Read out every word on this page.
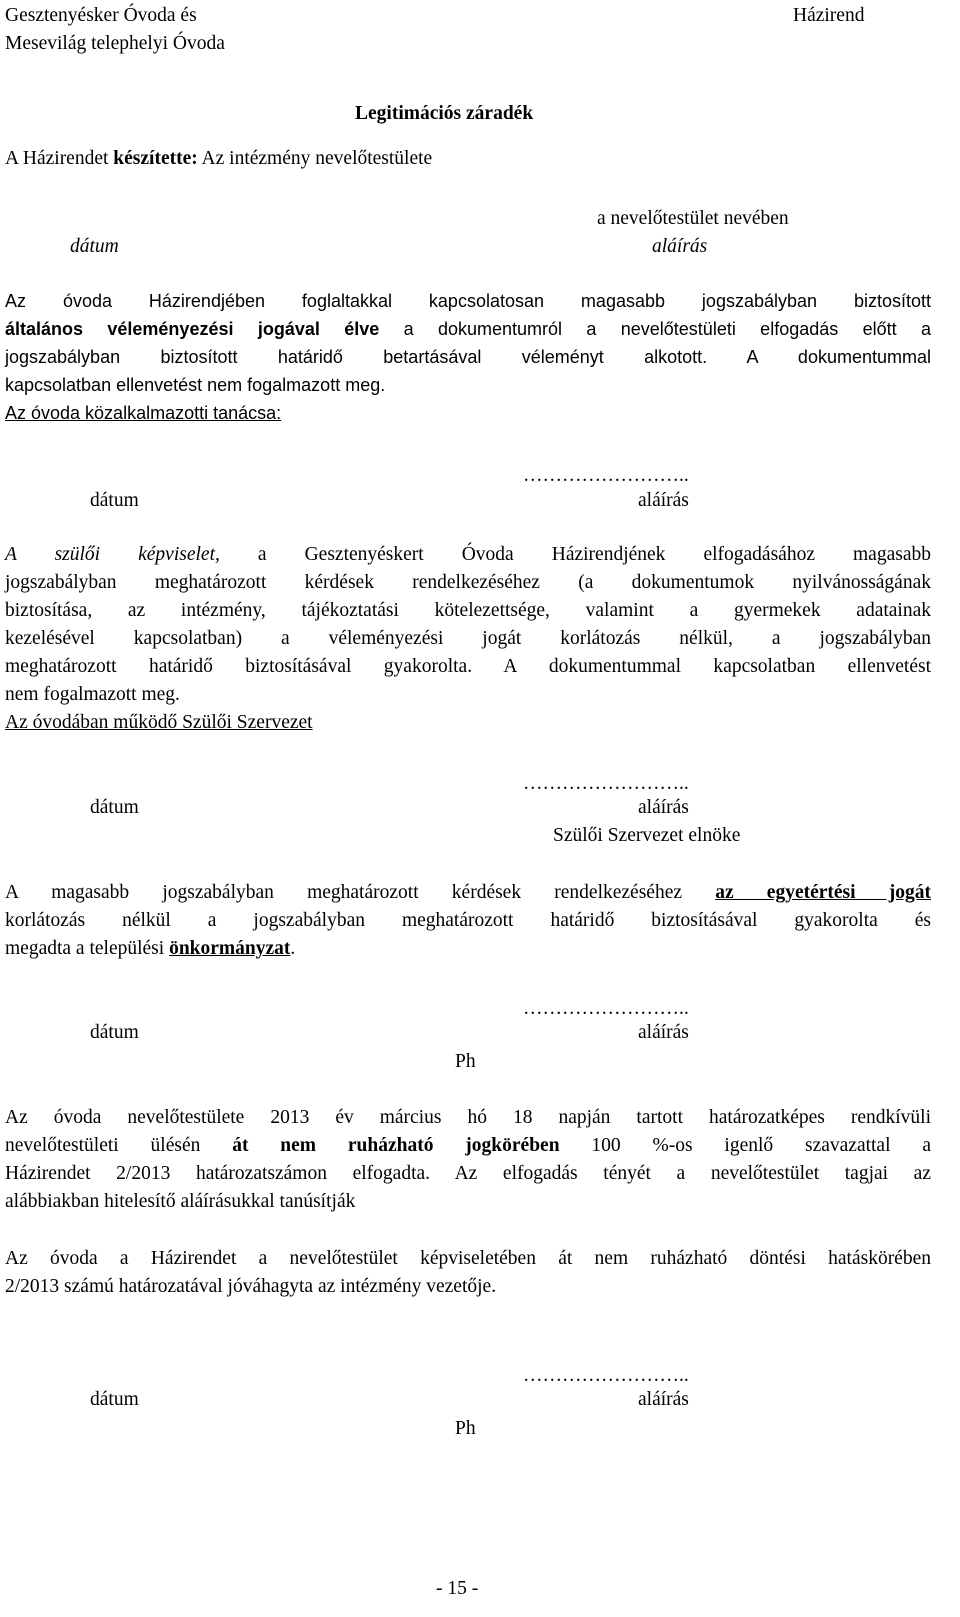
Gesztenyésker Óvoda és
Mesevilág telephelyi Óvoda
Házirend
Legitimációs záradék
A Házirendet készítette: Az intézmény nevelőtestülete
a nevelőtestület nevében
dátum	aláírás
Az óvoda Házirendjében foglaltakkal kapcsolatosan magasabb jogszabályban biztosított
általános véleményezési jogával élve a dokumentumról a nevelőtestületi elfogadás előtt a
jogszabályban biztosított határidő betartásával véleményt alkotott. A dokumentummal
kapcsolatban ellenvetést nem fogalmazott meg.
Az óvoda közalkalmazotti tanácsa:
……………………..
dátum	aláírás
A szülői képviselet, a Gesztenyéskert Óvoda Házirendjének elfogadásához magasabb
jogszabályban meghatározott kérdések rendelkezéséhez (a dokumentumok nyilvánosságának
biztosítása, az intézmény, tájékoztatási kötelezettsége, valamint a gyermekek adatainak
kezelésével kapcsolatban) a véleményezési jogát korlátozás nélkül, a jogszabályban
meghatározott határidő biztosításával gyakorolta. A dokumentummal kapcsolatban ellenvetést
nem fogalmazott meg.
Az óvodában működő Szülői Szervezet
……………………..
dátum	aláírás
Szülői Szervezet elnöke
A magasabb jogszabályban meghatározott kérdések rendelkezéséhez az egyetértési jogát
korlátozás nélkül a jogszabályban meghatározott határidő biztosításával gyakorolta és
megadta a települési önkormányzat.
……………………..
dátum	aláírás
Ph
Az óvoda nevelőtestülete 2013 év március hó 18 napján tartott határozatképes rendkívüli
nevelőtestületi ülésén át nem ruházható jogkörében 100 %-os igenlő szavazattal a
Házirendet 2/2013 határozatszámon elfogadta. Az elfogadás tényét a nevelőtestület tagjai az
alábbiakban hitelesítő aláírásukkal tanúsítják
Az óvoda a Házirendet a nevelőtestület képviseletében át nem ruházható döntési hatáskörében
2/2013 számú határozatával jóváhagyta az intézmény vezetője.
……………………..
dátum	aláírás
Ph
- 15 -
